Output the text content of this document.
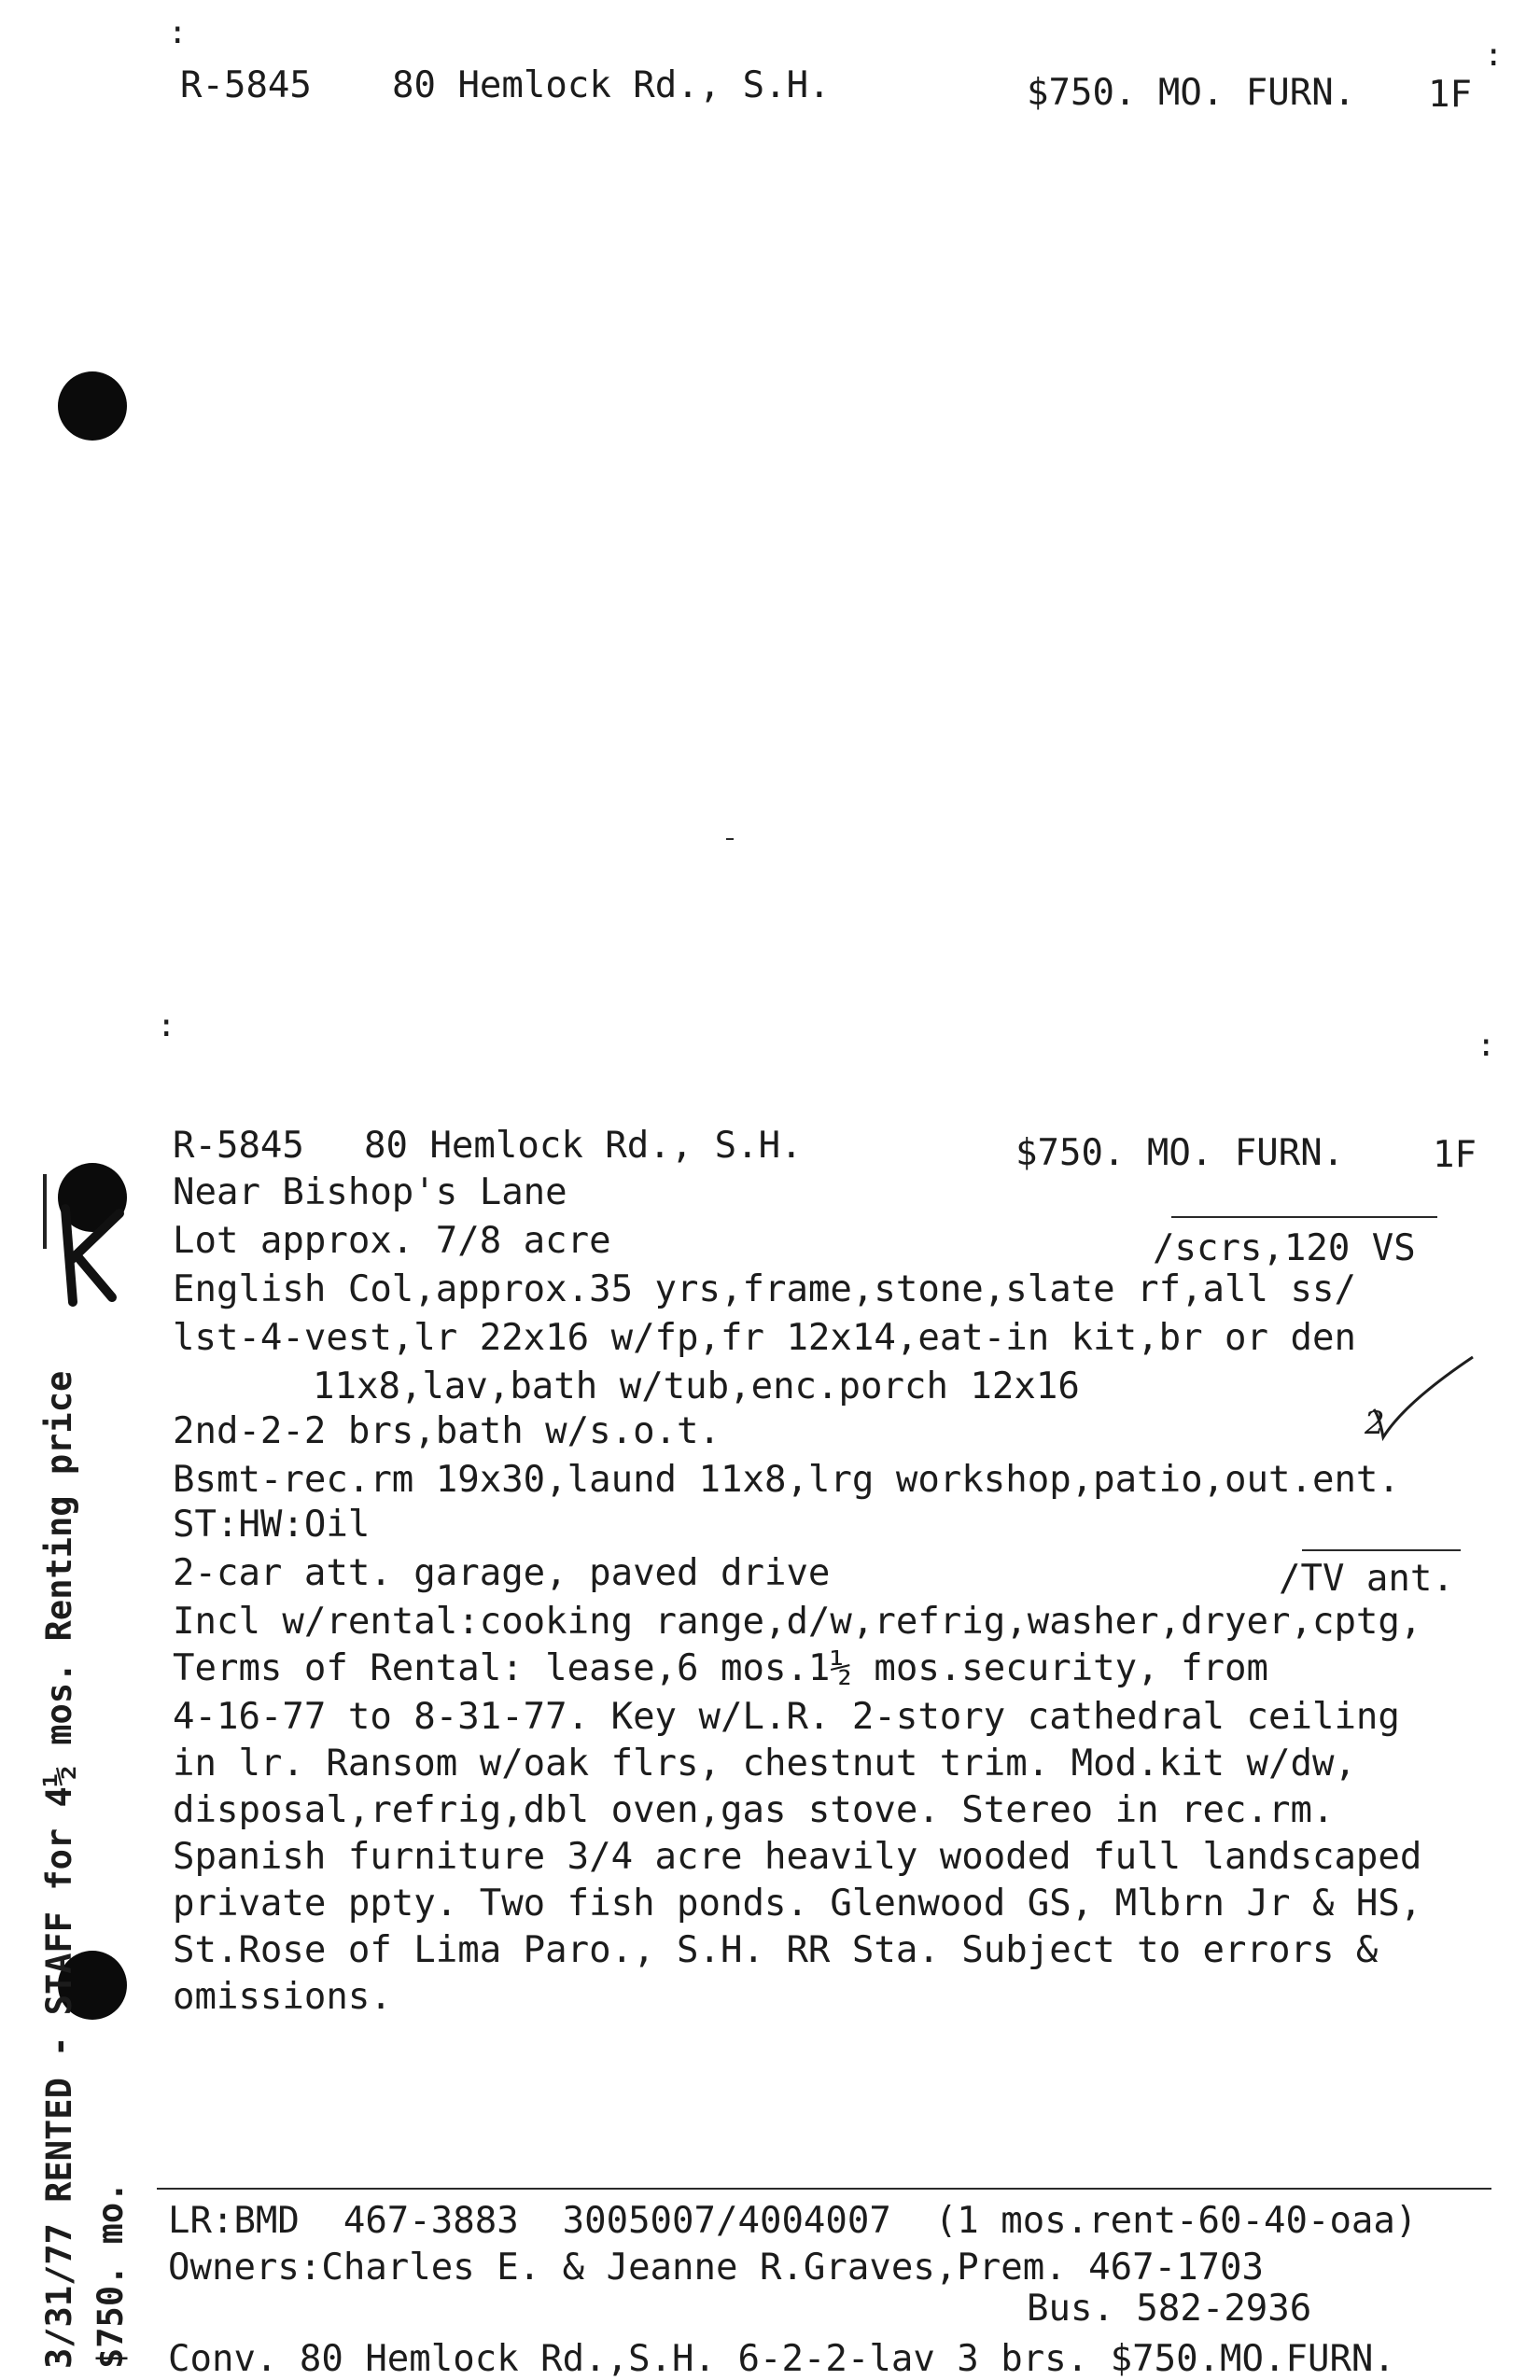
R-5845 80 Hemlock Rd., S.H.	$750. MO. FURN. 1F
:
:
:
:
R-5845 80 Hemlock Rd., S.H.	$750. MO. FURN. 1F
Near Bishop's Lane
Lot approx. 7/8 acre
English Col,approx.35 yrs,frame,stone,slate rf,all ss/
lst-4-vest,lr 22x16 w/fp,fr 12x14,eat-in kit,br or den
11x8,lav,bath w/tub,enc.porch 12x16
2nd-2-2 brs,bath w/s.o.t.
Bsmt-rec.rm 19x30,laund 11x8,lrg workshop,patio,out.ent.
ST:HW:Oil
2-car att. garage, paved drive
Incl w/rental:cooking range,d/w,refrig,washer,dryer,cptg,
Terms of Rental: lease,6 mos.1½ mos.security, from
4-16-77 to 8-31-77. Key w/L.R. 2-story cathedral ceiling
in lr. Ransom w/oak flrs, chestnut trim. Mod.kit w/dw,
disposal,refrig,dbl oven,gas stove. Stereo in rec.rm.
Spanish furniture 3/4 acre heavily wooded full landscaped
private ppty. Two fish ponds. Glenwood GS, Mlbrn Jr & HS,
St.Rose of Lima Paro., S.H. RR Sta. Subject to errors &
omissions.
/scrs,120 VS
/TV ant.
2
LR:BMD  467-3883  3005007/4004007  (1 mos.rent-60-40-oaa)
Owners:Charles E. & Jeanne R.Graves,Prem. 467-1703
Bus. 582-2936
Conv. 80 Hemlock Rd.,S.H. 6-2-2-lav 3 brs. $750.MO.FURN.
3/31/77 RENTED - STAFF for 4½ mos. Renting price $750. mo.
